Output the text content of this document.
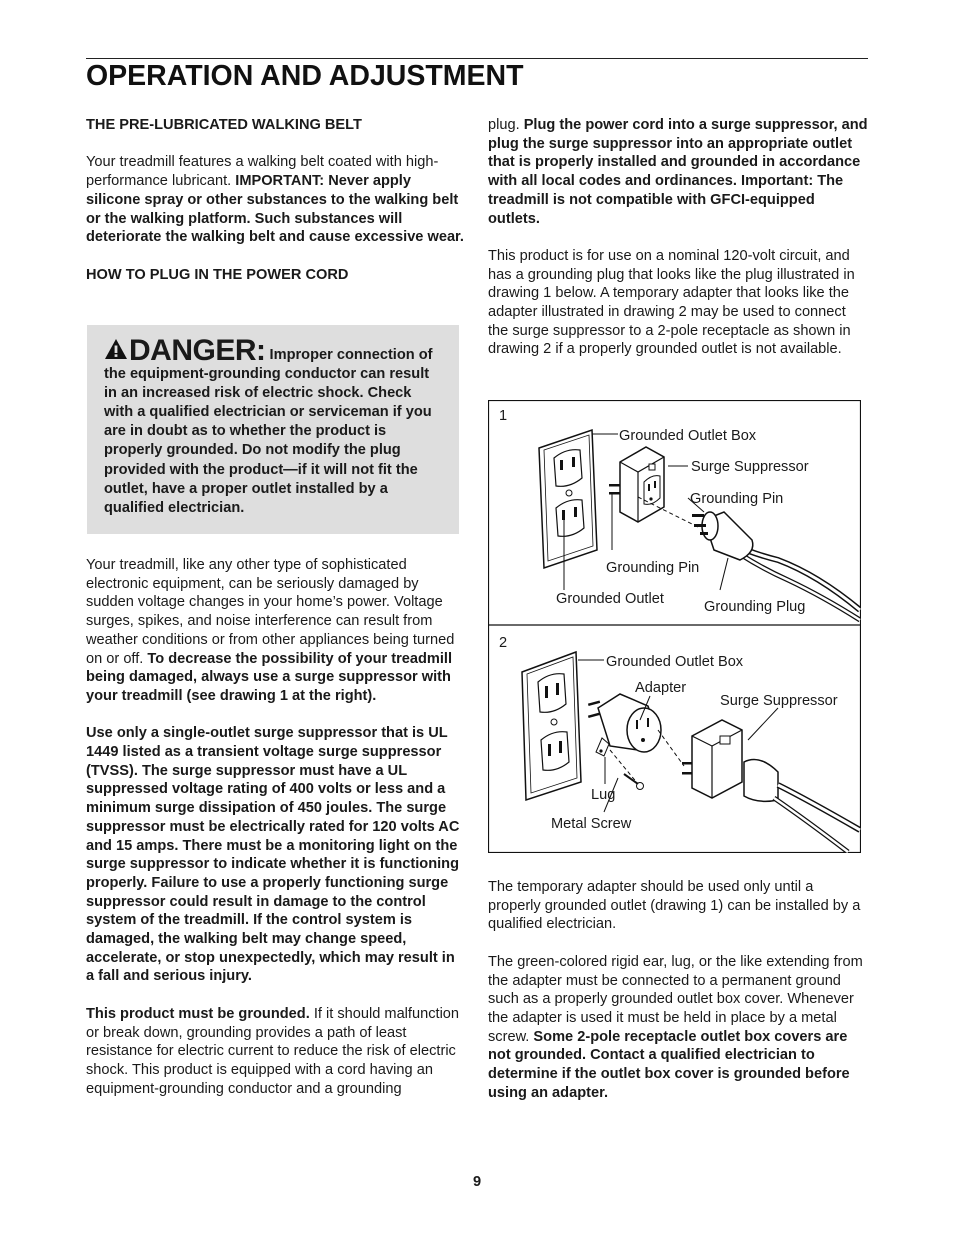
OPERATION AND ADJUSTMENT
THE PRE-LUBRICATED WALKING BELT

Your treadmill features a walking belt coated with high-performance lubricant. IMPORTANT: Never apply silicone spray or other substances to the walking belt or the walking platform. Such substances will deteriorate the walking belt and cause excessive wear.

HOW TO PLUG IN THE POWER CORD
DANGER: Improper connection of the equipment-grounding conductor can result in an increased risk of electric shock. Check with a qualified electrician or serviceman if you are in doubt as to whether the product is properly grounded. Do not modify the plug provided with the product—if it will not fit the outlet, have a proper outlet installed by a qualified electrician.

Your treadmill, like any other type of sophisticated electronic equipment, can be seriously damaged by sudden voltage changes in your home’s power. Voltage surges, spikes, and noise interference can result from weather conditions or from other appliances being turned on or off. To decrease the possibility of your treadmill being damaged, always use a surge suppressor with your treadmill (see drawing 1 at the right).

Use only a single-outlet surge suppressor that is UL 1449 listed as a transient voltage surge suppressor (TVSS). The surge suppressor must have a UL suppressed voltage rating of 400 volts or less and a minimum surge dissipation of 450 joules. The surge suppressor must be electrically rated for 120 volts AC and 15 amps. There must be a monitoring light on the surge suppressor to indicate whether it is functioning properly. Failure to use a properly functioning surge suppressor could result in damage to the control system of the treadmill. If the control system is damaged, the walking belt may change speed, accelerate, or stop unexpectedly, which may result in a fall and serious injury.

This product must be grounded. If it should malfunction or break down, grounding provides a path of least resistance for electric current to reduce the risk of electric shock. This product is equipped with a cord having an equipment-grounding conductor and a grounding

plug. Plug the power cord into a surge suppressor, and plug the surge suppressor into an appropriate outlet that is properly installed and grounded in accordance with all local codes and ordinances. Important: The treadmill is not compatible with GFCI-equipped outlets.

This product is for use on a nominal 120-volt circuit, and has a grounding plug that looks like the plug illustrated in drawing 1 below. A temporary adapter that looks like the adapter illustrated in drawing 2 may be used to connect the surge suppressor to a 2-pole receptacle as shown in drawing 2 if a properly grounded outlet is not available.

1
Grounded Outlet Box
Surge Suppressor
Grounding Pin
Grounding Pin
Grounded Outlet	Grounding Plug
2
Grounded Outlet Box
Adapter
Surge Suppressor
Lug
Metal Screw

The temporary adapter should be used only until a properly grounded outlet (drawing 1) can be installed by a qualified electrician.

The green-colored rigid ear, lug, or the like extending from the adapter must be connected to a permanent ground such as a properly grounded outlet box cover. Whenever the adapter is used it must be held in place by a metal screw. Some 2-pole receptacle outlet box covers are not grounded. Contact a qualified electrician to determine if the outlet box cover is grounded before using an adapter.

9
